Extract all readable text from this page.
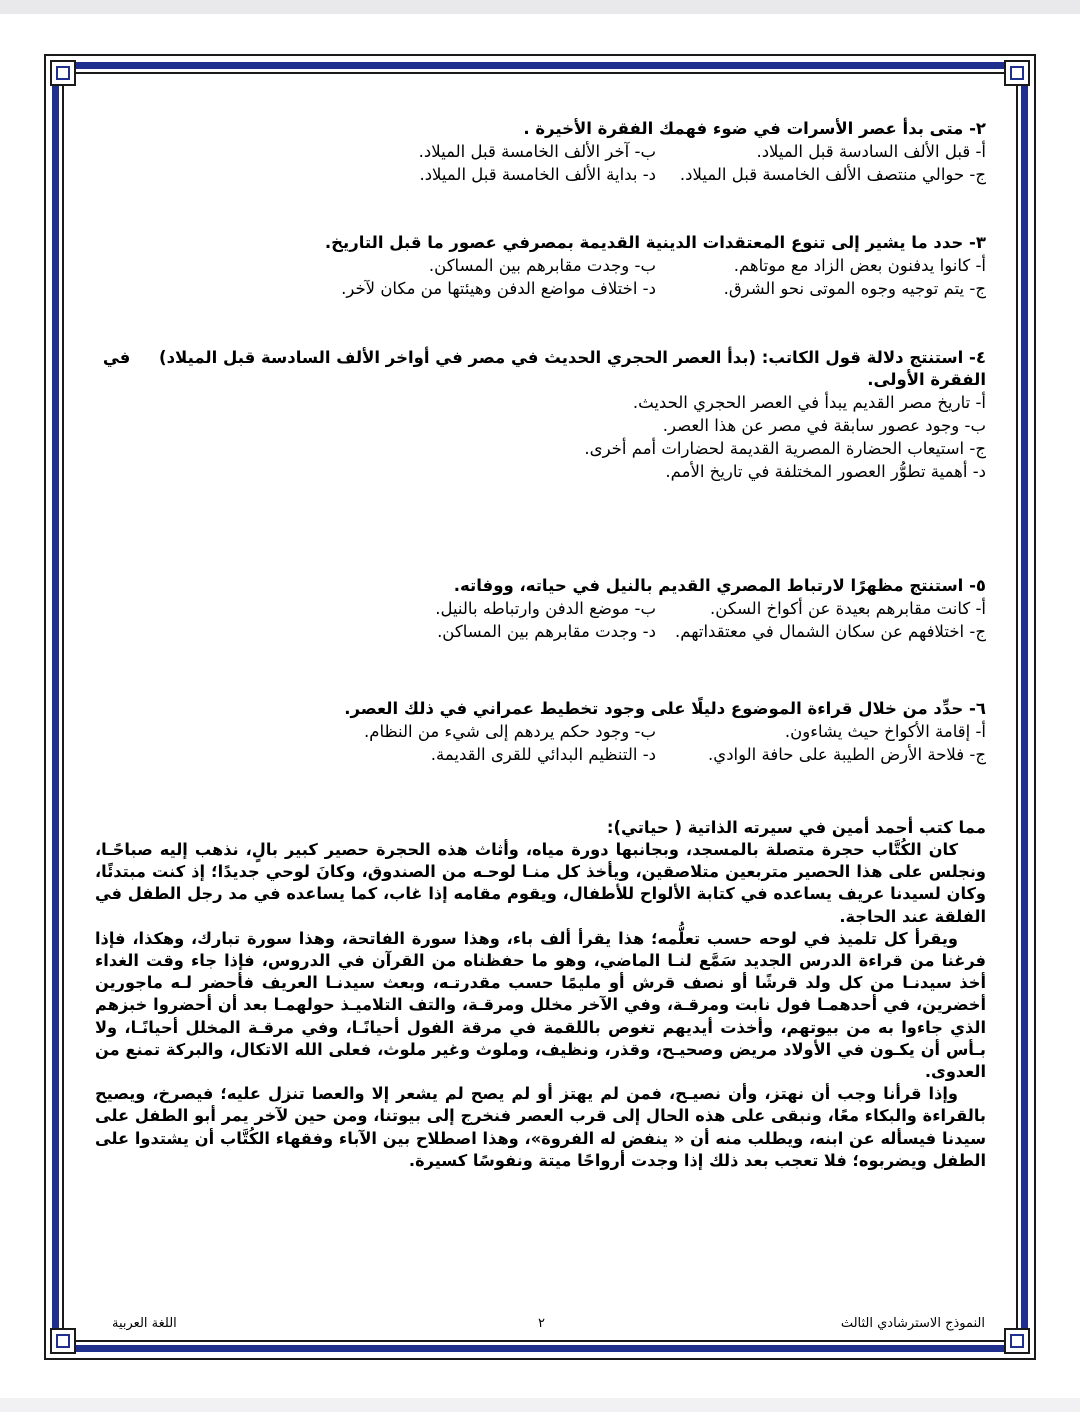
٢- متى بدأ عصر الأسرات في ضوء فهمك الفقرة الأخيرة .

أ- قبل الألف السادسة قبل الميلاد.
ب- آخر الألف الخامسة قبل الميلاد.
ج- حوالي منتصف الألف الخامسة قبل الميلاد.
د- بداية الألف الخامسة قبل الميلاد.

٣- حدد ما يشير إلى تنوع المعتقدات الدينية القديمة بمصرفي عصور ما قبل التاريخ.

أ- كانوا يدفنون بعض الزاد مع موتاهم.
ب- وجدت مقابرهم بين المساكن.
ج- يتم توجيه وجوه الموتى نحو الشرق.
د- اختلاف مواضع الدفن وهيئتها من مكان لآخر.

٤- استنتج دلالة قول الكاتب: (بدأ العصر الحجري الحديث في مصر في أواخر الألف السادسة قبل الميلاد)     في

الفقرة الأولى.

أ- تاريخ مصر القديم يبدأ في العصر الحجري الحديث.

ب- وجود عصور سابقة في مصر عن هذا العصر.

ج- استيعاب الحضارة المصرية القديمة لحضارات أمم أخرى.

د- أهمية تطوُّر العصور المختلفة في تاريخ الأمم.

٥- استنتج مظهرًا لارتباط المصري القديم بالنيل في حياته، ووفاته.

أ- كانت مقابرهم بعيدة عن أكواخ السكن.
ب- موضع الدفن وارتباطه بالنيل.
ج- اختلافهم عن سكان الشمال في معتقداتهم.
د- وجدت مقابرهم بين المساكن.

٦- حدِّد من خلال قراءة الموضوع دليلًا على وجود تخطيط عمراني في ذلك العصر.

أ- إقامة الأكواخ حيث يشاءون.
ب- وجود حكم يردهم إلى شيء من النظام.
ج- فلاحة الأرض الطيبة على حافة الوادي.
د- التنظيم البدائي للقرى القديمة.

مما كتب أحمد أمين في سيرته الذاتية ( حياتي):

كان الكُتَّاب حجرة متصلة بالمسجد، وبجانبها دورة مياه، وأثاث هذه الحجرة حصير كبير بالٍ، نذهب إليه صباحًـا، ونجلس على هذا الحصير متربعين متلاصقين، ويأخذ كل منـا لوحـه من الصندوق، وكانَ لوحي جديدًا؛ إذ كنت مبتدئًا، وكان لسيدنا عريف يساعده في كتابة الألواح للأطفال، ويقوم مقامه إذا غاب، كما يساعده في مد رجل الطفل في الفلقة عند الحاجة.

ويقرأ كل تلميذ في لوحه حسب تعلُّمه؛ هذا يقرأ ألف باء، وهذا سورة الفاتحة، وهذا سورة تبارك، وهكذا، فإذا فرغنا من قراءة الدرس الجديد سَمَّع لنـا الماضي، وهو ما حفظناه من القرآن في الدروس، فإذا جاء وقت الغداء أخذ سيدنـا من كل ولد قرشًا أو نصف قرش أو مليمًا حسب مقدرتـه، وبعث سيدنـا العريف فأحضر لـه ماجورين أخضرين، في أحدهمـا فول نابت ومرقـة، وفي الآخر مخلل ومرقـة، والتف التلاميـذ حولهمـا بعد أن أحضروا خبزهم الذي جاءوا به من بيوتهم، وأخذت أيديهم تغوص باللقمة في مرقة الفول أحيانًـا، وفي مرقـة المخلل أحيانًـا، ولا بـأس أن يكـون في الأولاد مريض وصحيـح، وقذر، ونظيف، وملوث وغير ملوث، فعلى الله الاتكال، والبركة تمنع من العدوى.

وإذا قرأنا وجب أن نهتز، وأن نصيـح، فمن لم يهتز أو لم يصح لم يشعر إلا والعصا تنزل عليه؛ فيصرخ، ويصيح بالقراءة والبكاء معًا، ونبقى على هذه الحال إلى قرب العصر فنخرج إلى بيوتنا، ومن حين لآخر يمر أبو الطفل على سيدنا فيسأله عن ابنه، ويطلب منه أن « ينفض له الفروة»، وهذا اصطلاح بين الآباء وفقهاء الكُتَّاب أن يشتدوا على الطفل ويضربوه؛ فلا تعجب بعد ذلك إذا وجدت أرواحًا ميتة ونفوسًا كسيرة.

النموذج الاسترشادي الثالث
٢
اللغة العربية
